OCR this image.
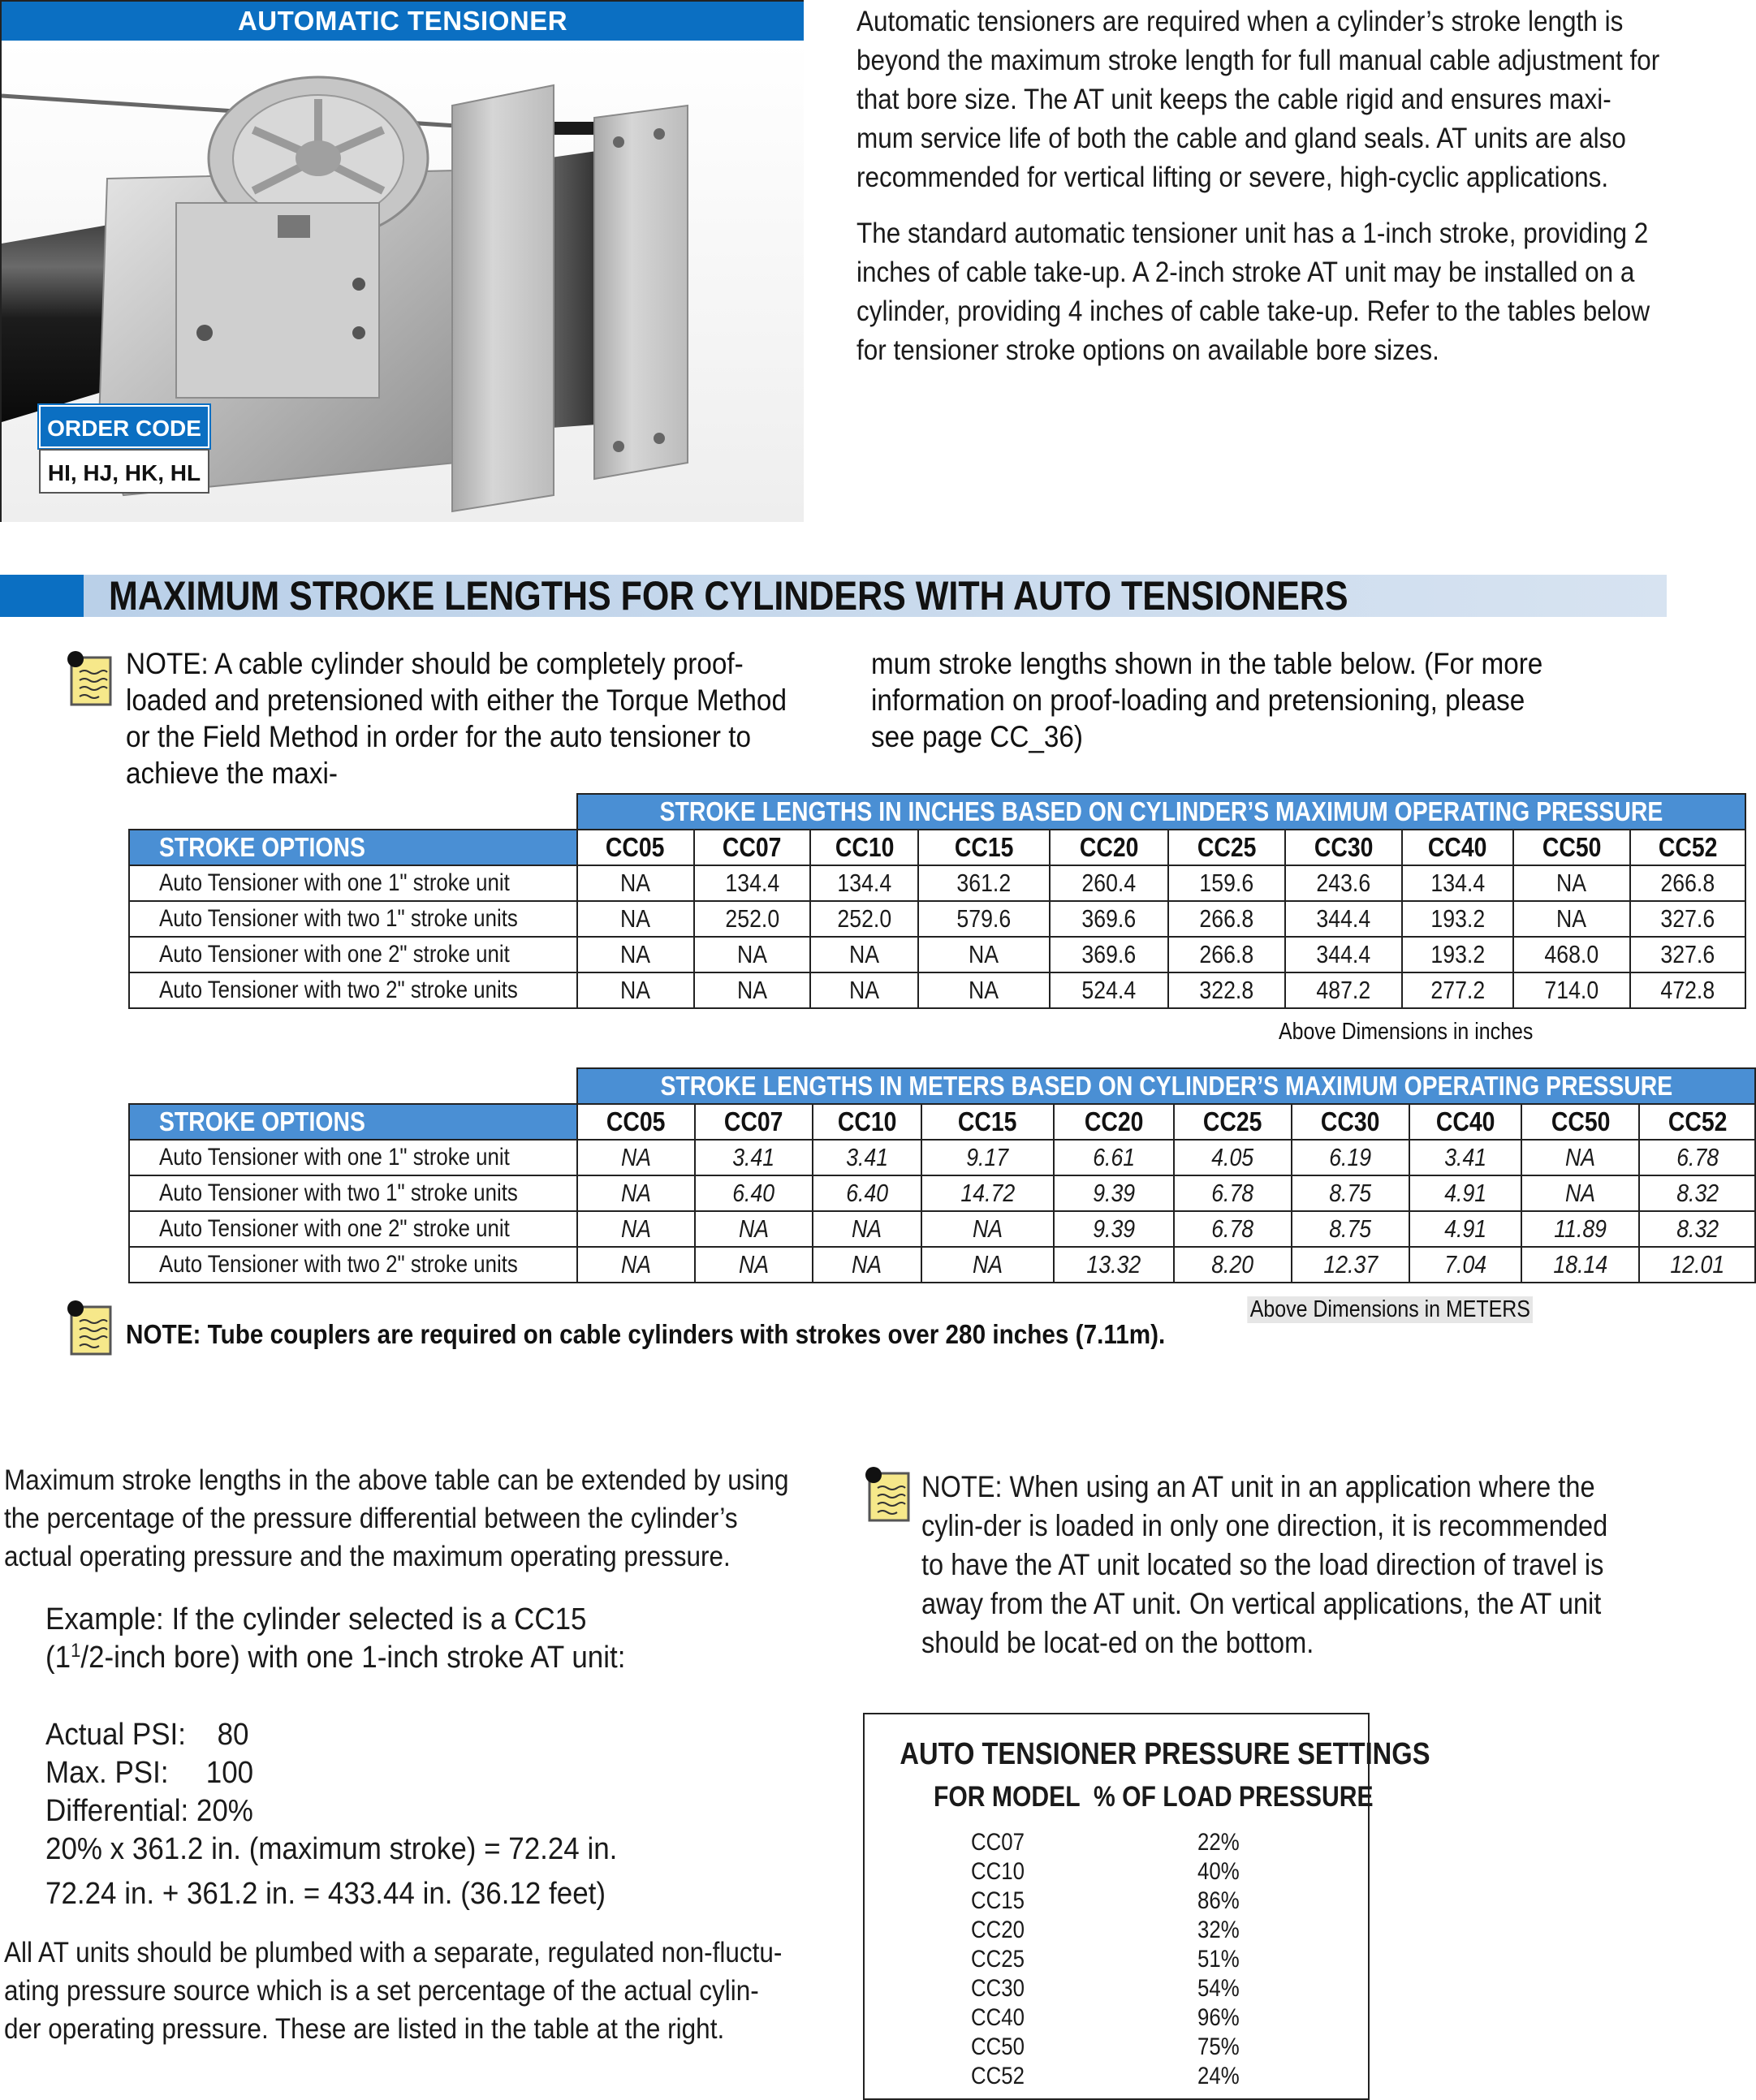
AUTOMATIC TENSIONER
ORDER CODE
HI, HJ, HK, HL
Automatic tensioners are required when a cylinder’s stroke length is beyond the maximum stroke length for full manual cable adjustment for that bore size. The AT unit keeps the cable rigid and ensures maxi-mum service life of both the cable and gland seals. AT units are also recommended for vertical lifting or severe, high-cyclic applications.
The standard automatic tensioner unit has a 1-inch stroke, providing 2 inches of cable take-up. A 2-inch stroke AT unit may be installed on a cylinder, providing 4 inches of cable take-up. Refer to the tables below for tensioner stroke options on available bore sizes.
MAXIMUM STROKE LENGTHS FOR CYLINDERS WITH AUTO TENSIONERS
NOTE: A cable cylinder should be completely proof-loaded and pretensioned with either the Torque Method or the Field Method in order for the auto tensioner to achieve the maxi-
mum stroke lengths shown in the table below. (For more information on proof-loading and pretensioning, please see page CC_36)
	STROKE LENGTHS IN INCHES BASED ON CYLINDER’S MAXIMUM OPERATING PRESSURE									
STROKE OPTIONS	CC05	CC07	CC10	CC15	CC20	CC25	CC30	CC40	CC50	CC52
Auto Tensioner with one 1" stroke unit	NA	134.4	134.4	361.2	260.4	159.6	243.6	134.4	NA	266.8
Auto Tensioner with two 1" stroke units	NA	252.0	252.0	579.6	369.6	266.8	344.4	193.2	NA	327.6
Auto Tensioner with one 2" stroke unit	NA	NA	NA	NA	369.6	266.8	344.4	193.2	468.0	327.6
Auto Tensioner with two 2" stroke units	NA	NA	NA	NA	524.4	322.8	487.2	277.2	714.0	472.8
Above Dimensions in inches
	STROKE LENGTHS IN METERS BASED ON CYLINDER’S MAXIMUM OPERATING PRESSURE									
STROKE OPTIONS	CC05	CC07	CC10	CC15	CC20	CC25	CC30	CC40	CC50	CC52
Auto Tensioner with one 1" stroke unit	NA	3.41	3.41	9.17	6.61	4.05	6.19	3.41	NA	6.78
Auto Tensioner with two 1" stroke units	NA	6.40	6.40	14.72	9.39	6.78	8.75	4.91	NA	8.32
Auto Tensioner with one 2" stroke unit	NA	NA	NA	NA	9.39	6.78	8.75	4.91	11.89	8.32
Auto Tensioner with two 2" stroke units	NA	NA	NA	NA	13.32	8.20	12.37	7.04	18.14	12.01
Above Dimensions in METERS
NOTE: Tube couplers are required on cable cylinders with strokes over 280 inches (7.11m).
Maximum stroke lengths in the above table can be extended by using the percentage of the pressure differential between the cylinder’s actual operating pressure and the maximum operating pressure.
Example: If the cylinder selected is a CC15
($1^1/2$-inch bore) with one 1-inch stroke AT unit:
Actual PSI: 80
Max. PSI: 100
Differential: 20%
20% x 361.2 in. (maximum stroke) = 72.24 in.
72.24 in. + 361.2 in. = 433.44 in. (36.12 feet)
All AT units should be plumbed with a separate, regulated non-fluctu-ating pressure source which is a set percentage of the actual cylin-der operating pressure. These are listed in the table at the right.
NOTE: When using an AT unit in an application where the cylin-der is loaded in only one direction, it is recommended to have the AT unit located so the load direction of travel is away from the AT unit. On vertical applications, the AT unit should be locat-ed on the bottom.
AUTO TENSIONER PRESSURE SETTINGS
FOR MODEL % OF LOAD PRESSURE
CC07	22%
CC10	40%
CC15	86%
CC20	32%
CC25	51%
CC30	54%
CC40	96%
CC50	75%
CC52	24%
